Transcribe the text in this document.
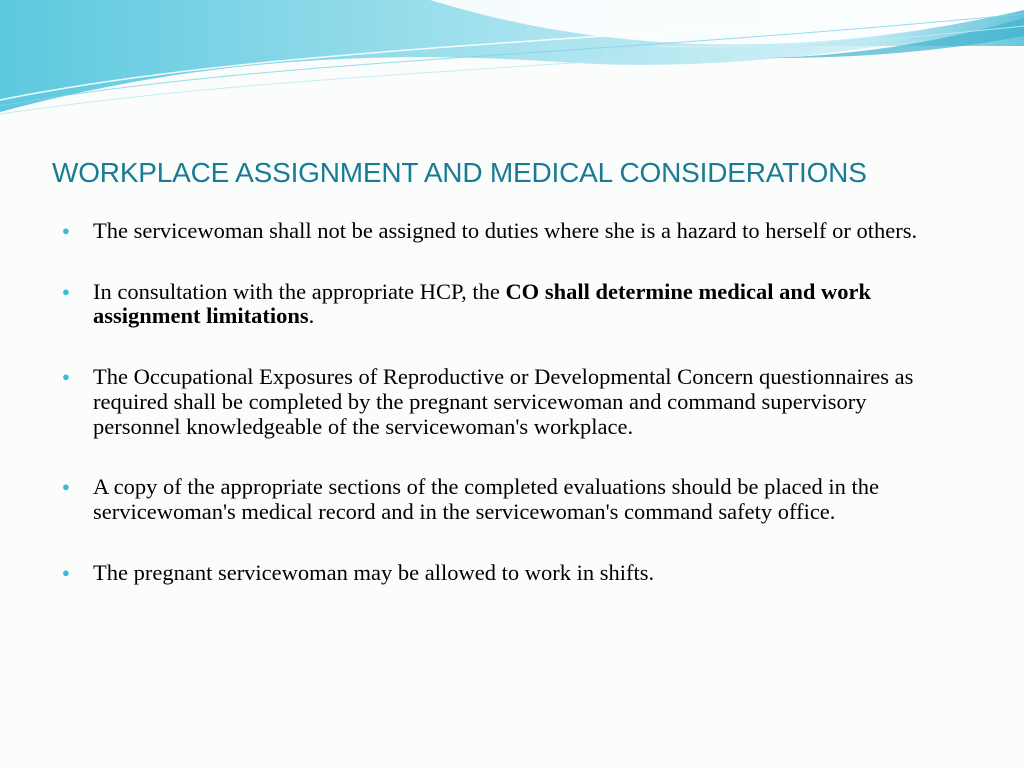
WORKPLACE ASSIGNMENT AND MEDICAL CONSIDERATIONS
● The servicewoman shall not be assigned to duties where she is a hazard to herself or others.
● In consultation with the appropriate HCP, the CO shall determine medical and work assignment limitations.
● The Occupational Exposures of Reproductive or Developmental Concern questionnaires as required shall be completed by the pregnant servicewoman and command supervisory personnel knowledgeable of the servicewoman's workplace.
● A copy of the appropriate sections of the completed evaluations should be placed in the servicewoman's medical record and in the servicewoman's command safety office.
● The pregnant servicewoman may be allowed to work in shifts.
